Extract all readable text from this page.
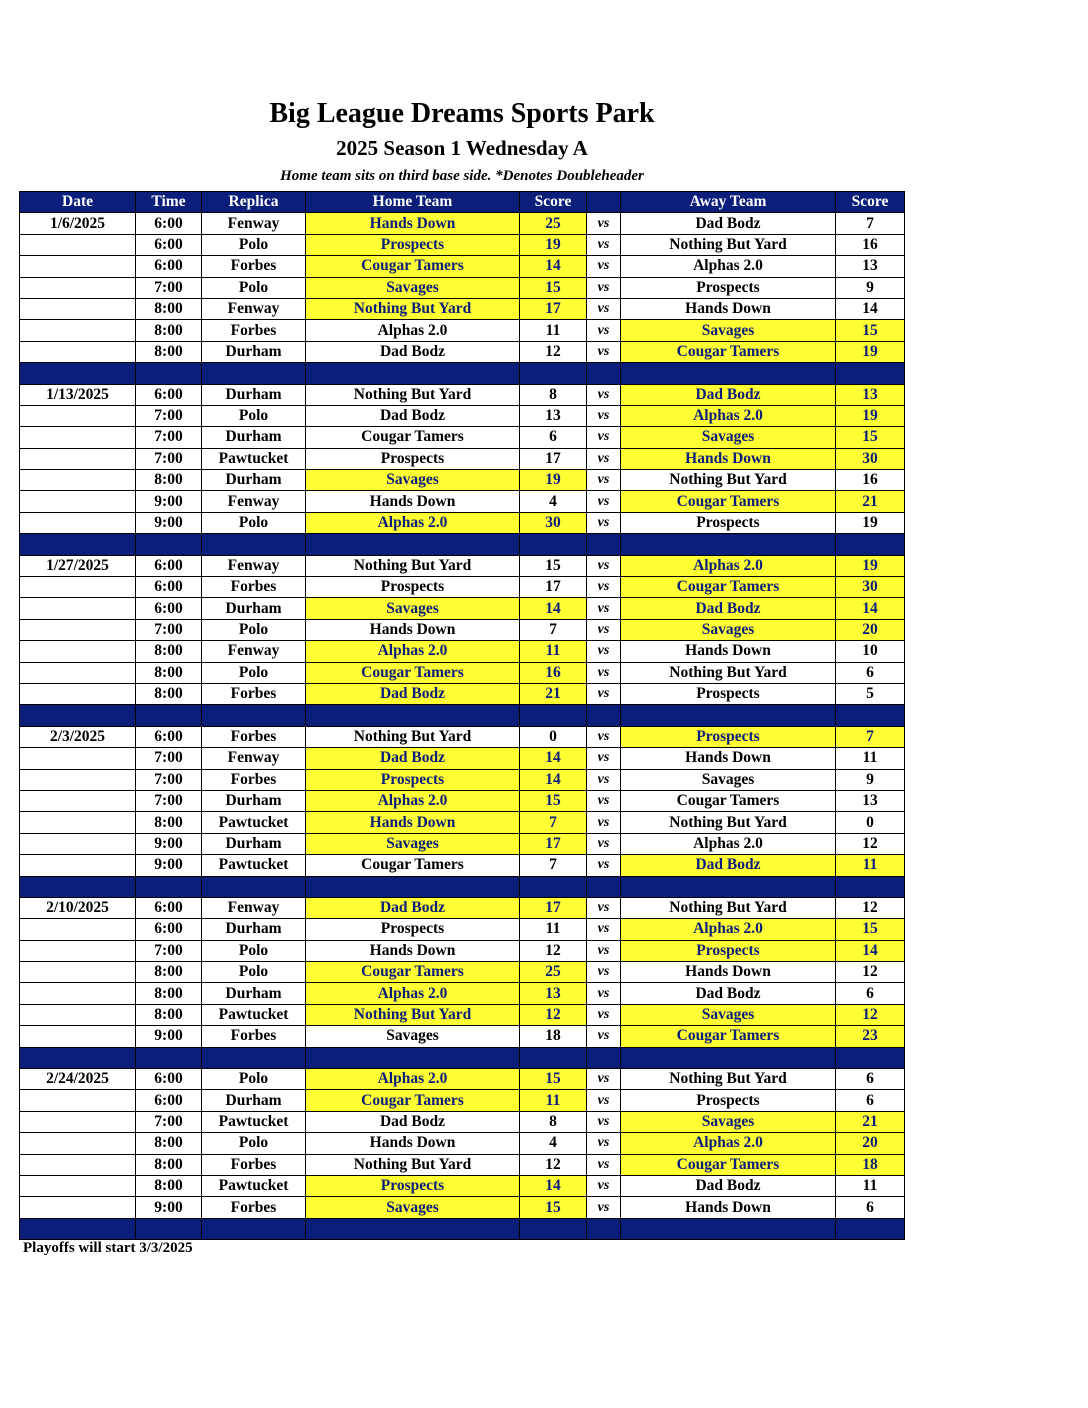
Big League Dreams Sports Park
2025 Season 1 Wednesday A
Home team sits on third base side. *Denotes Doubleheader
Date	Time	Replica	Home Team	Score		Away Team	Score
1/6/2025	6:00	Fenway	Hands Down	25	vs	Dad Bodz	7
	6:00	Polo	Prospects	19	vs	Nothing But Yard	16
	6:00	Forbes	Cougar Tamers	14	vs	Alphas 2.0	13
	7:00	Polo	Savages	15	vs	Prospects	9
	8:00	Fenway	Nothing But Yard	17	vs	Hands Down	14
	8:00	Forbes	Alphas 2.0	11	vs	Savages	15
	8:00	Durham	Dad Bodz	12	vs	Cougar Tamers	19

1/13/2025	6:00	Durham	Nothing But Yard	8	vs	Dad Bodz	13
	7:00	Polo	Dad Bodz	13	vs	Alphas 2.0	19
	7:00	Durham	Cougar Tamers	6	vs	Savages	15
	7:00	Pawtucket	Prospects	17	vs	Hands Down	30
	8:00	Durham	Savages	19	vs	Nothing But Yard	16
	9:00	Fenway	Hands Down	4	vs	Cougar Tamers	21
	9:00	Polo	Alphas 2.0	30	vs	Prospects	19

1/27/2025	6:00	Fenway	Nothing But Yard	15	vs	Alphas 2.0	19
	6:00	Forbes	Prospects	17	vs	Cougar Tamers	30
	6:00	Durham	Savages	14	vs	Dad Bodz	14
	7:00	Polo	Hands Down	7	vs	Savages	20
	8:00	Fenway	Alphas 2.0	11	vs	Hands Down	10
	8:00	Polo	Cougar Tamers	16	vs	Nothing But Yard	6
	8:00	Forbes	Dad Bodz	21	vs	Prospects	5

2/3/2025	6:00	Forbes	Nothing But Yard	0	vs	Prospects	7
	7:00	Fenway	Dad Bodz	14	vs	Hands Down	11
	7:00	Forbes	Prospects	14	vs	Savages	9
	7:00	Durham	Alphas 2.0	15	vs	Cougar Tamers	13
	8:00	Pawtucket	Hands Down	7	vs	Nothing But Yard	0
	9:00	Durham	Savages	17	vs	Alphas 2.0	12
	9:00	Pawtucket	Cougar Tamers	7	vs	Dad Bodz	11

2/10/2025	6:00	Fenway	Dad Bodz	17	vs	Nothing But Yard	12
	6:00	Durham	Prospects	11	vs	Alphas 2.0	15
	7:00	Polo	Hands Down	12	vs	Prospects	14
	8:00	Polo	Cougar Tamers	25	vs	Hands Down	12
	8:00	Durham	Alphas 2.0	13	vs	Dad Bodz	6
	8:00	Pawtucket	Nothing But Yard	12	vs	Savages	12
	9:00	Forbes	Savages	18	vs	Cougar Tamers	23

2/24/2025	6:00	Polo	Alphas 2.0	15	vs	Nothing But Yard	6
	6:00	Durham	Cougar Tamers	11	vs	Prospects	6
	7:00	Pawtucket	Dad Bodz	8	vs	Savages	21
	8:00	Polo	Hands Down	4	vs	Alphas 2.0	20
	8:00	Forbes	Nothing But Yard	12	vs	Cougar Tamers	18
	8:00	Pawtucket	Prospects	14	vs	Dad Bodz	11
	9:00	Forbes	Savages	15	vs	Hands Down	6

Playoffs will start 3/3/2025
